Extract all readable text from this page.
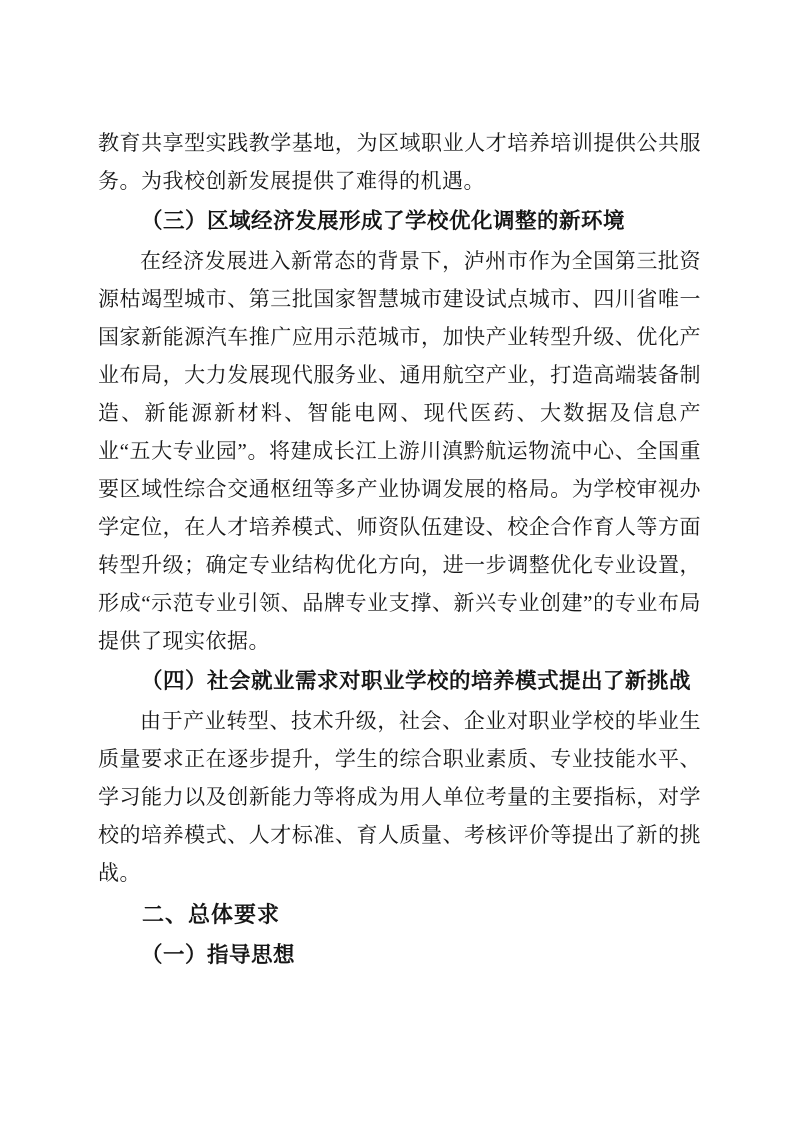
教育共享型实践教学基地，为区域职业人才培养培训提供公共服务。为我校创新发展提供了难得的机遇。

（三）区域经济发展形成了学校优化调整的新环境

在经济发展进入新常态的背景下，泸州市作为全国第三批资源枯竭型城市、第三批国家智慧城市建设试点城市、四川省唯一国家新能源汽车推广应用示范城市，加快产业转型升级、优化产业布局，大力发展现代服务业、通用航空产业，打造高端装备制造、新能源新材料、智能电网、现代医药、大数据及信息产业“五大专业园”。将建成长江上游川滇黔航运物流中心、全国重要区域性综合交通枢纽等多产业协调发展的格局。为学校审视办学定位，在人才培养模式、师资队伍建设、校企合作育人等方面转型升级；确定专业结构优化方向，进一步调整优化专业设置，形成“示范专业引领、品牌专业支撑、新兴专业创建”的专业布局提供了现实依据。

（四）社会就业需求对职业学校的培养模式提出了新挑战

由于产业转型、技术升级，社会、企业对职业学校的毕业生质量要求正在逐步提升，学生的综合职业素质、专业技能水平、学习能力以及创新能力等将成为用人单位考量的主要指标，对学校的培养模式、人才标准、育人质量、考核评价等提出了新的挑战。

二、总体要求
（一）指导思想
